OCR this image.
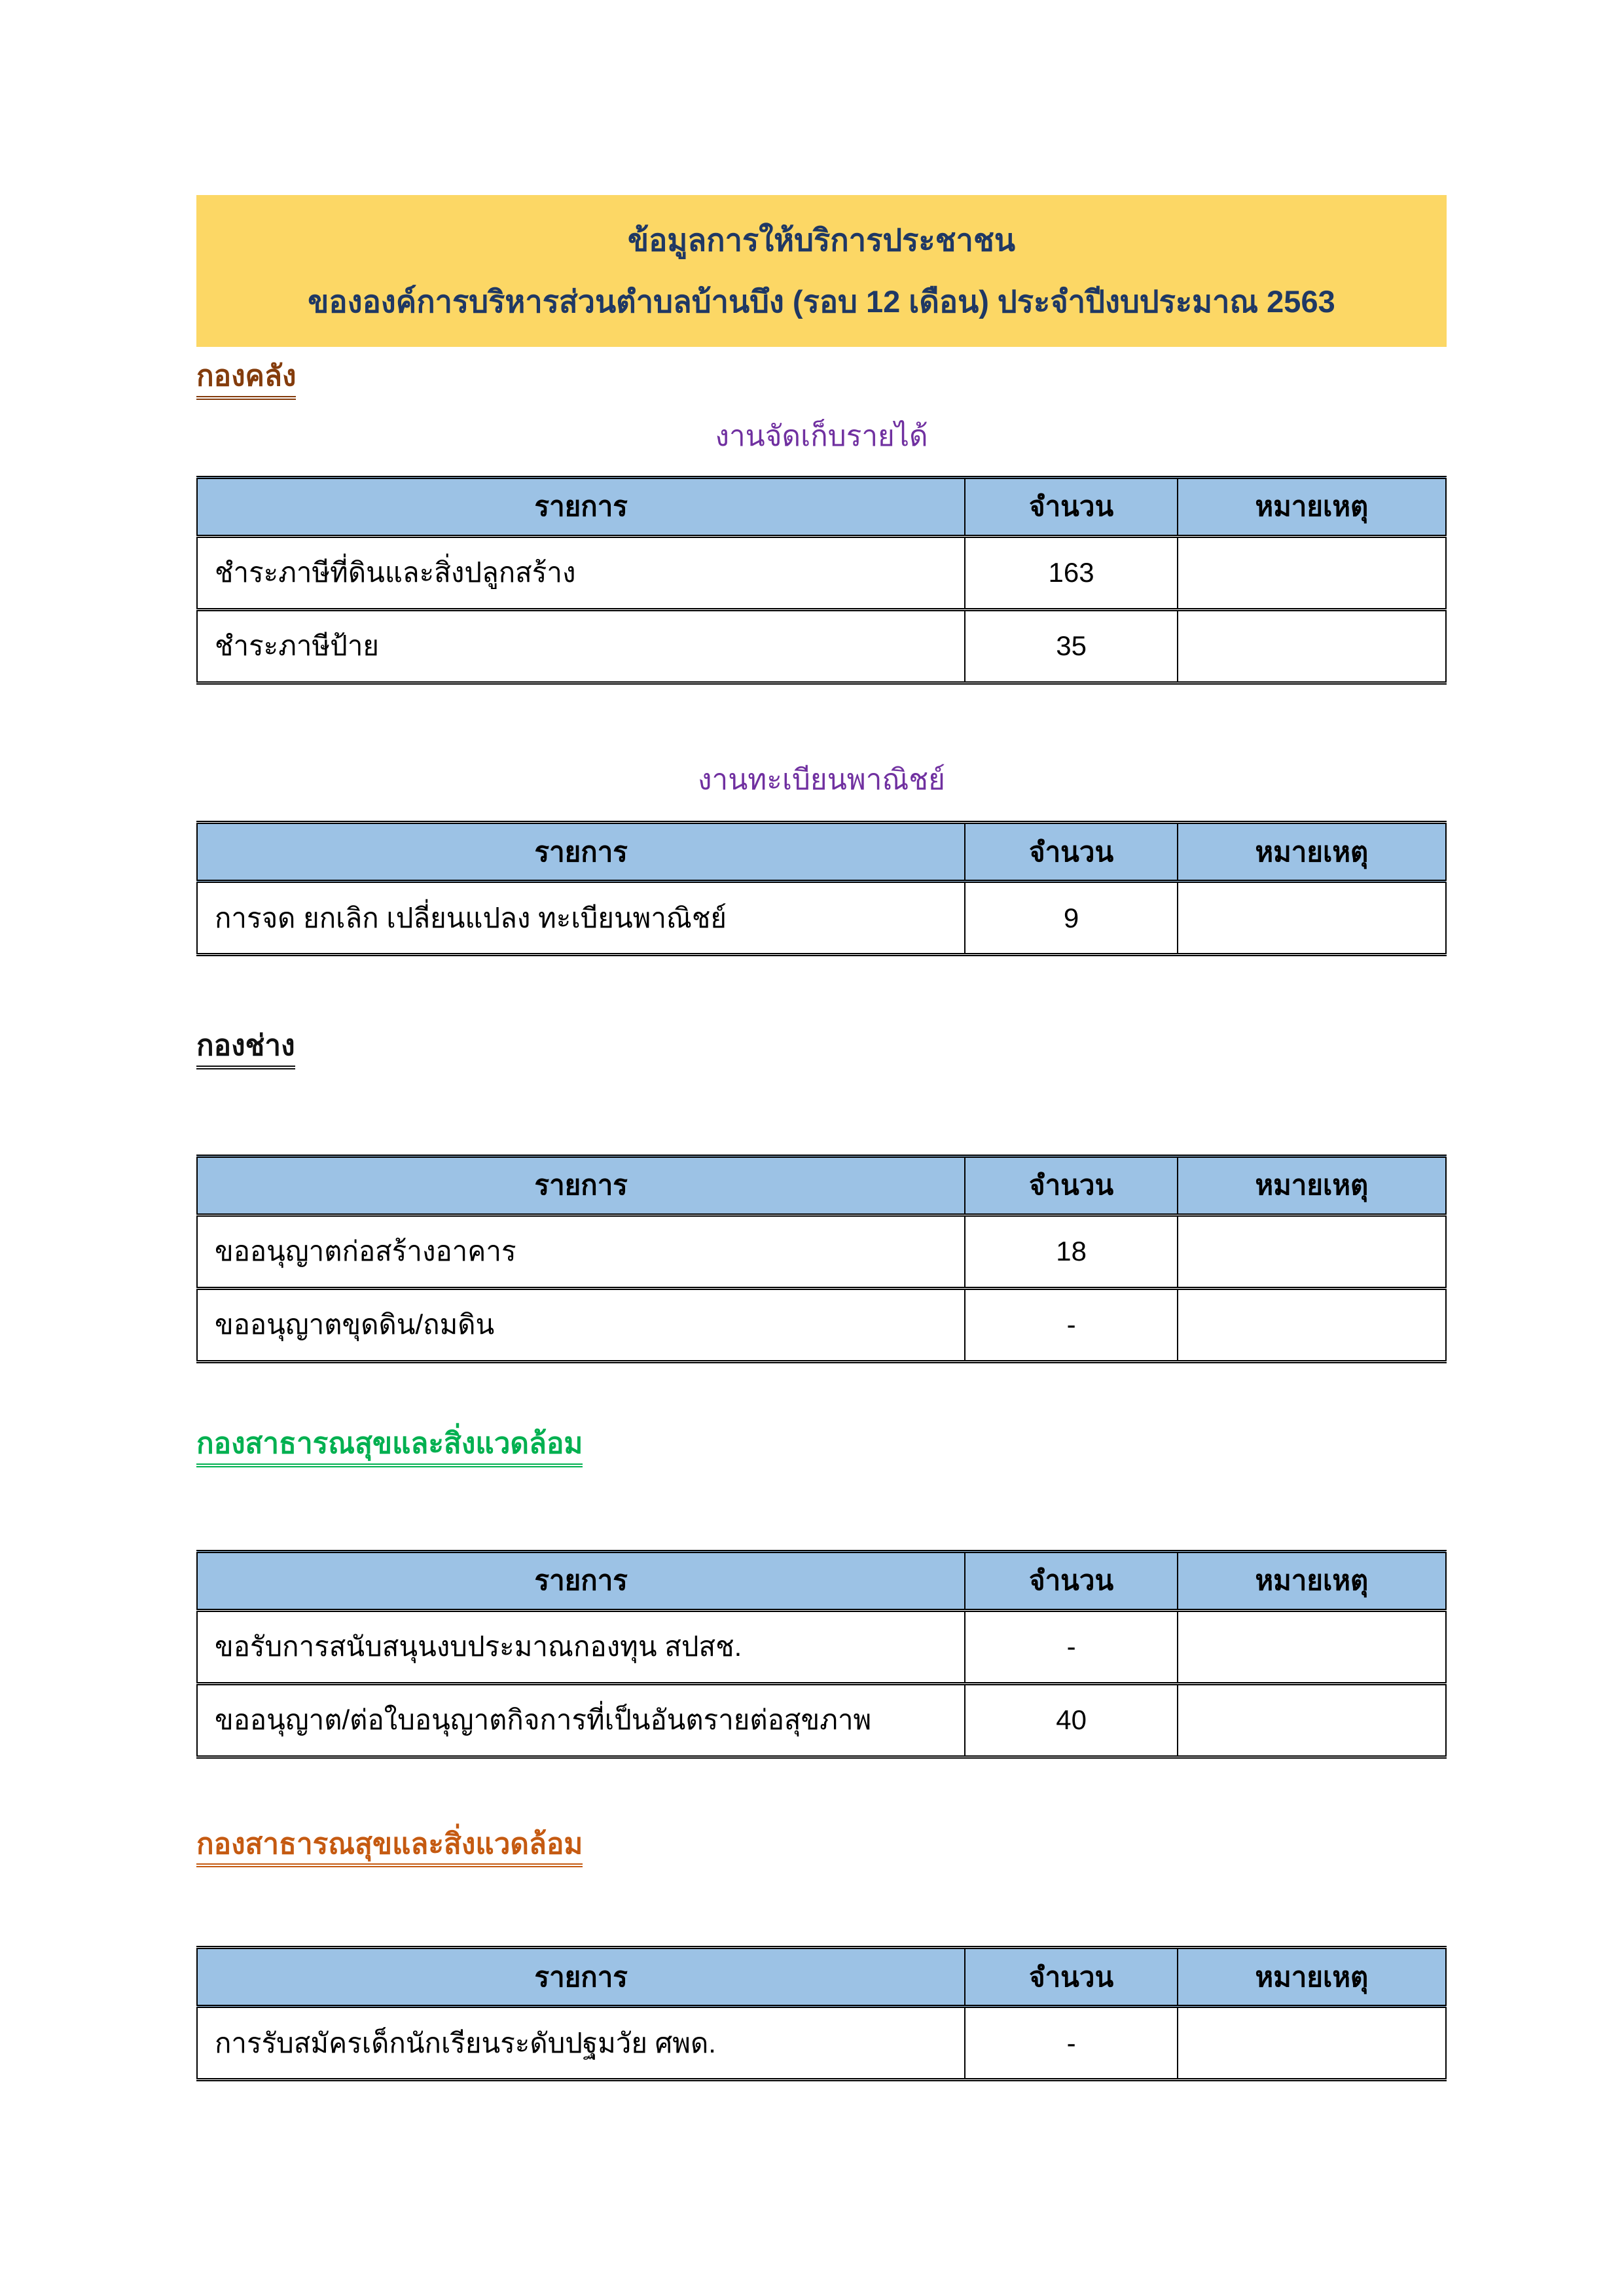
ข้อมูลการให้บริการประชาชน
ขององค์การบริหารส่วนตำบลบ้านบึง (รอบ 12 เดือน) ประจำปีงบประมาณ 2563
กองคลัง
งานจัดเก็บรายได้
รายการ	จำนวน	หมายเหตุ
ชำระภาษีที่ดินและสิ่งปลูกสร้าง	163	
ชำระภาษีป้าย	35	
งานทะเบียนพาณิชย์
รายการ	จำนวน	หมายเหตุ
การจด ยกเลิก เปลี่ยนแปลง ทะเบียนพาณิชย์	9	
กองช่าง
รายการ	จำนวน	หมายเหตุ
ขออนุญาตก่อสร้างอาคาร	18	
ขออนุญาตขุดดิน/ถมดิน	-	
กองสาธารณสุขและสิ่งแวดล้อม
รายการ	จำนวน	หมายเหตุ
ขอรับการสนับสนุนงบประมาณกองทุน สปสช.	-	
ขออนุญาต/ต่อใบอนุญาตกิจการที่เป็นอันตรายต่อสุขภาพ	40	
กองสาธารณสุขและสิ่งแวดล้อม
รายการ	จำนวน	หมายเหตุ
การรับสมัครเด็กนักเรียนระดับปฐมวัย ศพด.	-	
